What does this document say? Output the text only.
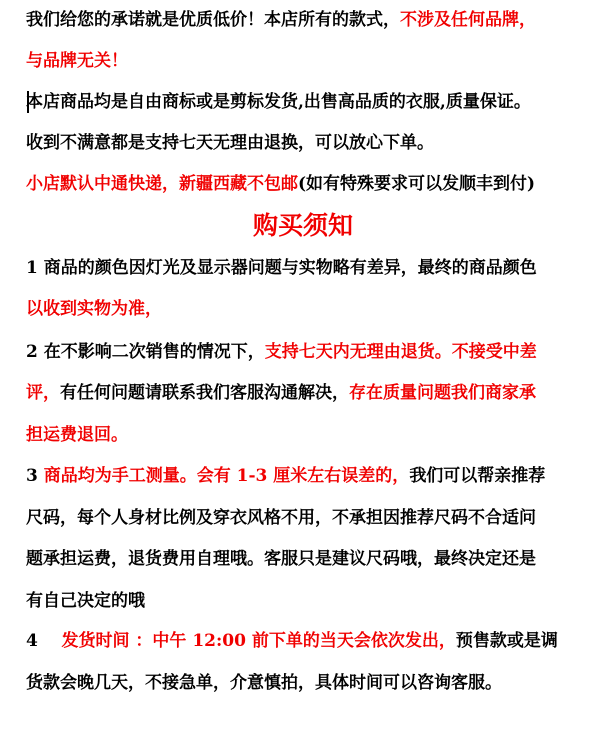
我们给您的承诺就是优质低价！本店所有的款式，不涉及任何品牌，
与品牌无关！
本店商品均是自由商标或是剪标发货,出售高品质的衣服,质量保证。
收到不满意都是支持七天无理由退换，可以放心下单。
小店默认中通快递，新疆西藏不包邮(如有特殊要求可以发顺丰到付)
购买须知
1 商品的颜色因灯光及显示器问题与实物略有差异，最终的商品颜色
以收到实物为准，
2 在不影响二次销售的情况下，支持七天内无理由退货。不接受中差
评，有任何问题请联系我们客服沟通解决，存在质量问题我们商家承
担运费退回。
3 商品均为手工测量。会有 1-3 厘米左右误差的，我们可以帮亲推荐
尺码，每个人身材比例及穿衣风格不用，不承担因推荐尺码不合适问
题承担运费，退货费用自理哦。客服只是建议尺码哦，最终决定还是
有自己决定的哦
4    发货时间 ：中午 12:00 前下单的当天会依次发出，预售款或是调
货款会晚几天，不接急单，介意慎拍，具体时间可以咨询客服。
